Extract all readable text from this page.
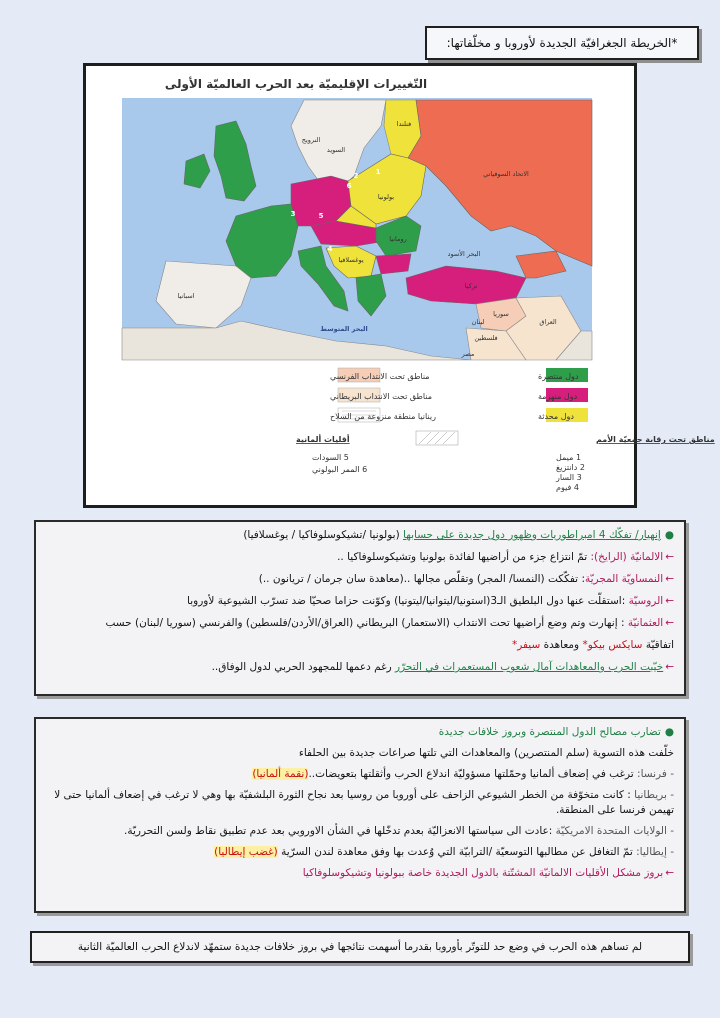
*الخريطة الجغرافيّة الجديدة لأوروبا و مخلّفاتها:
التّغييرات الإقليميّة بعد الحرب العالميّة الأولى
فنلندا
النرويج
السويد
الاتحاد السوفياتي
بولونيا
رومانيا
يوغسلافيا
البحر الأسود
تركيا
سوريا
العراق
لبنان
فلسطين
مصر
اسبانيا
البحر المتوسط
1
2
3
4
5
6
دول منتصرة
دول منهزمة
دول محدثة
مناطق تحت الانتداب الفرنسي
مناطق تحت الانتداب البريطاني
رينانيا منطقة منزوعة من السلاح
مناطق تحت رقابة جمعيّة الأمم
1 ميمل
2 دانتزيغ
3 السار
4 فيوم
أقليات ألمانية
5 السودات
6 الممر البولوني
●إنهيار/ تفكّك 4 امبراطوريات وظهور دول جديدة على حسابها (بولونيا /تشيكوسلوفاكيا / يوغسلافيا)
←الالمانيّة (الرايخ): تمّ انتزاع جزء من أراضيها لفائدة بولونيا وتشيكوسلوفاكيا ..
←النمساويّة المجريّة: تفكّكت (النمسا/ المجر) وتقلّص مجالها ..(معاهدة سان جرمان / تريانون ..)
←الروسيّة :استقلّت عنها دول البلطيق الـ3(استونيا/ليتوانيا/ليتونيا) وكوّنت حزاما صحيّا ضد تسرّب الشيوعية لأوروبا
←العثمانيّة : إنهارت وتم وضع أراضيها تحت الانتداب (الاستعمار) البريطاني (العراق/الأردن/فلسطين) والفرنسي (سوريا /لبنان) حسب
اتفاقيّة سايكس بيكو* ومعاهدة سيفر*
←خيّبت الحرب والمعاهدات آمال شعوب المستعمرات في التحرّر رغم دعمها للمجهود الحربي لدول الوفاق..
●تضارب مصالح الدول المنتصرة وبروز خلافات جديدة
خلّفت هذه التسوية (سلم المنتصرين) والمعاهدات التي تلتها صراعات جديدة بين الحلفاء
- فرنسا: ترغب في إضعاف ألمانيا وحمّلتها مسؤوليّة اندلاع الحرب وأثقلتها بتعويضات..(نقمة ألمانيا)
- بريطانيا : كانت متخوّفة من الخطر الشيوعي الزاحف على أوروبا من روسيا بعد نجاح الثورة البلشفيّة بها وهي لا ترغب في إضعاف ألمانيا حتى لا تهيمن فرنسا على المنطقة.
- الولايات المتحدة الامريكيّة :عادت الى سياستها الانعزاليّة بعدم تدخّلها في الشأن الاوروبي بعد عدم تطبيق نقاط ولسن التحرريّة.
- إيطاليا: تمّ التغافل عن مطالبها التوسعيّة /الترابيّة التي وُعدت بها وفق معاهدة لندن السرّية (غضب إيطاليا)
←بروز مشكل الأقليات الالمانيّة المشتّتة بالدول الجديدة خاصة ببولونيا وتشيكوسلوفاكيا
لم تساهم هذه الحرب في وضع حد للتوتّر بأوروبا بقدرما أسهمت نتائجها في بروز خلافات جديدة ستمهّد لاندلاع الحرب العالميّة الثانية
